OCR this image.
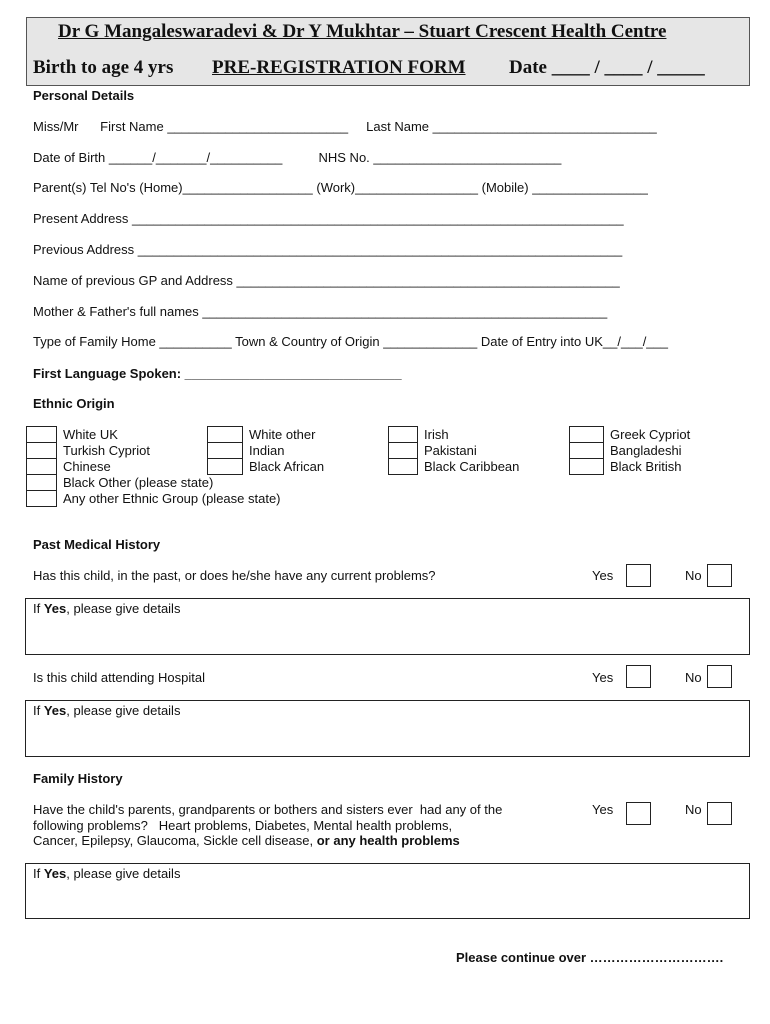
Dr G Mangaleswaradevi & Dr Y Mukhtar – Stuart Crescent Health Centre
Birth to age 4 yrs PRE-REGISTRATION FORM Date ____ / ____ / _____
Personal Details
Miss/Mr      First Name _________________________     Last Name _______________________________
Date of Birth ______/_______/__________          NHS No. __________________________
Parent(s) Tel No's (Home)__________________ (Work)_________________ (Mobile) ________________
Present Address ____________________________________________________________________
Previous Address ___________________________________________________________________
Name of previous GP and Address _____________________________________________________
Mother & Father's full names ________________________________________________________
Type of Family Home __________ Town & Country of Origin _____________ Date of Entry into UK__/___/___
First Language Spoken: ______________________________
Ethnic Origin
White UK
Turkish Cypriot
Chinese
Black Other (please state)
Any other Ethnic Group (please state)
White other
Indian
Black African
Irish
Pakistani
Black Caribbean
Greek Cypriot
Bangladeshi
Black British
Past Medical History
Has this child, in the past, or does he/she have any current problems?	Yes	No
If Yes, please give details
Is this child attending Hospital	Yes	No
If Yes, please give details
Family History
Have the child's parents, grandparents or bothers and sisters ever  had any of the
following problems?   Heart problems, Diabetes, Mental health problems,
Cancer, Epilepsy, Glaucoma, Sickle cell disease, or any health problems
Yes	No
If Yes, please give details
Please continue over ………………………….
